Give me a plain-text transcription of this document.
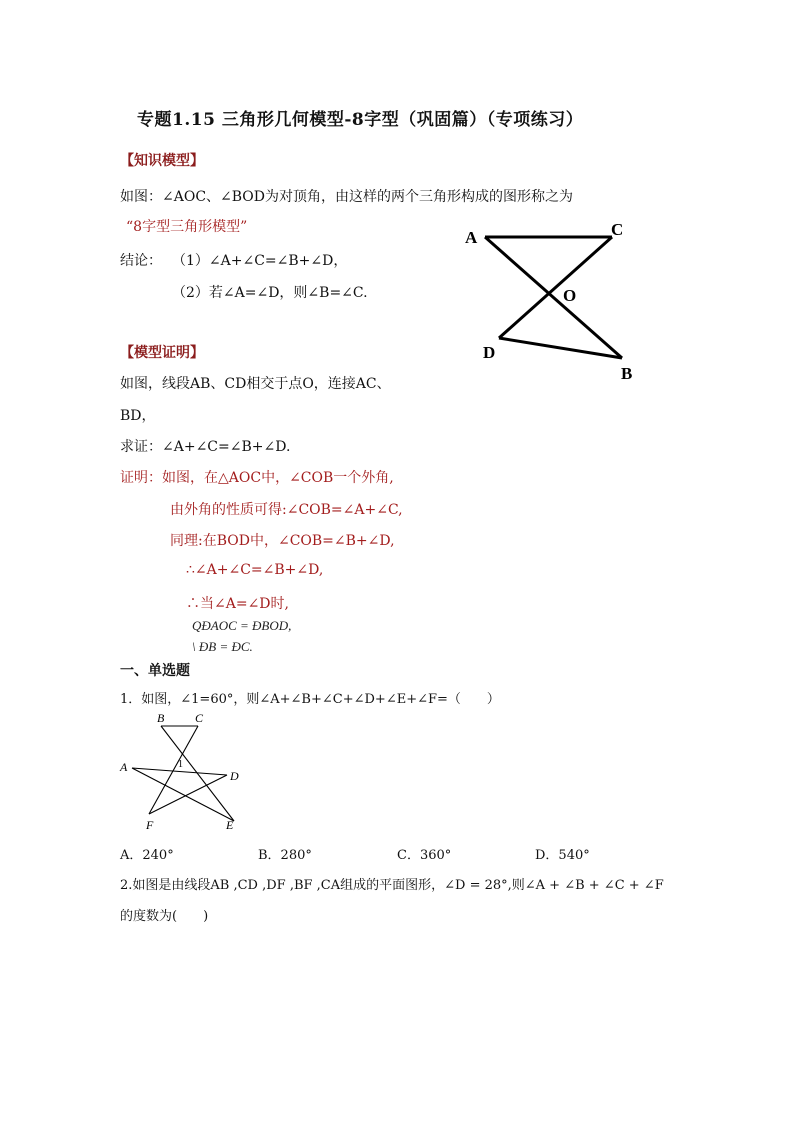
专题1.15 三角形几何模型-8字型（巩固篇）（专项练习）
【知识模型】
如图：∠AOC、∠BOD为对顶角，由这样的两个三角形构成的图形称之为
“8字型三角形模型”
结论： （1）∠A+∠C=∠B+∠D，
（2）若∠A=∠D，则∠B=∠C.
A	C
O
D
B
【模型证明】
如图，线段AB、CD相交于点O，连接AC、
BD，
求证：∠A+∠C=∠B+∠D.
证明：如图，在△AOC中，∠COB一个外角,
由外角的性质可得:∠COB=∠A+∠C,
同理:在BOD中，∠COB=∠B+∠D,
∴∠A+∠C=∠B+∠D,
∴当∠A=∠D时,
QÐAOC = ÐBOD,
\ ÐB = ÐC.
一、单选题
1．如图，∠1=60°，则∠A+∠B+∠C+∠D+∠E+∠F=（　　）
B	C
A	1
D
F	E
A．240°	B．280°	C．360°	D．540°
2.如图是由线段AB ,CD ,DF ,BF ,CA组成的平面图形，∠D = 28°,则∠A + ∠B + ∠C + ∠F
的度数为(　　)
